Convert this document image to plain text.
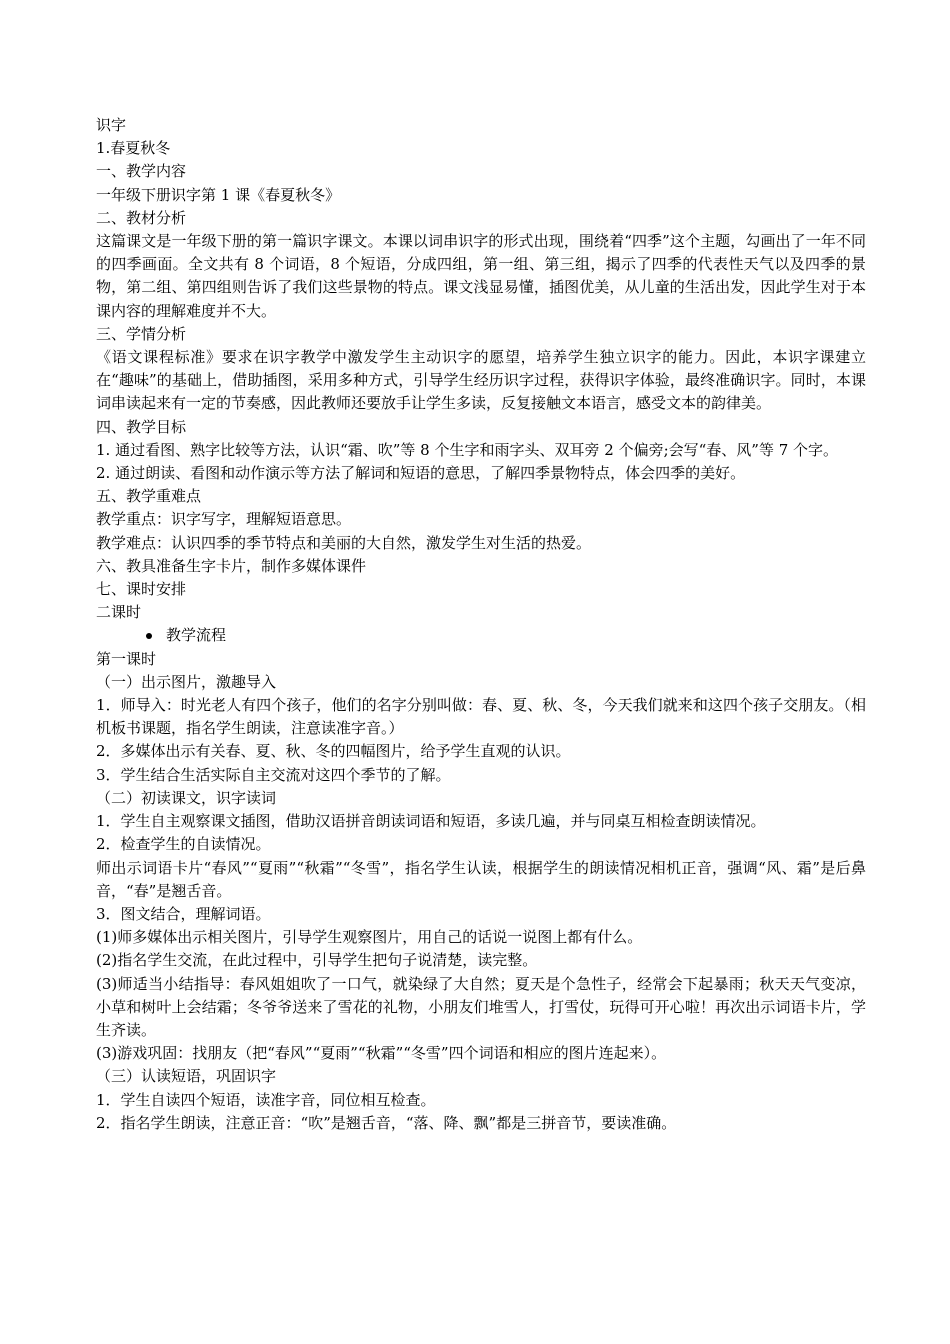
识字
1.春夏秋冬
一、教学内容
一年级下册识字第 1 课《春夏秋冬》
二、教材分析
这篇课文是一年级下册的第一篇识字课文。本课以词串识字的形式出现，围绕着“四季”这个主题，勾画出了一年不同的四季画面。全文共有 8 个词语，8 个短语，分成四组，第一组、第三组，揭示了四季的代表性天气以及四季的景物，第二组、第四组则告诉了我们这些景物的特点。课文浅显易懂，插图优美，从儿童的生活出发，因此学生对于本课内容的理解难度并不大。
三、学情分析
《语文课程标准》要求在识字教学中激发学生主动识字的愿望，培养学生独立识字的能力。因此，本识字课建立在“趣味”的基础上，借助插图，采用多种方式，引导学生经历识字过程，获得识字体验，最终准确识字。同时，本课词串读起来有一定的节奏感，因此教师还要放手让学生多读，反复接触文本语言，感受文本的韵律美。
四、教学目标
1. 通过看图、熟字比较等方法，认识“霜、吹”等 8 个生字和雨字头、双耳旁 2 个偏旁;会写“春、风”等 7 个字。
2. 通过朗读、看图和动作演示等方法了解词和短语的意思，了解四季景物特点，体会四季的美好。
五、教学重难点
教学重点：识字写字，理解短语意思。
教学难点：认识四季的季节特点和美丽的大自然，激发学生对生活的热爱。
六、教具准备生字卡片，制作多媒体课件
七、课时安排
二课时
教学流程
第一课时
（一）出示图片，激趣导入
1．师导入：时光老人有四个孩子，他们的名字分别叫做：春、夏、秋、冬，今天我们就来和这四个孩子交朋友。（相机板书课题，指名学生朗读，注意读准字音。）
2．多媒体出示有关春、夏、秋、冬的四幅图片，给予学生直观的认识。
3．学生结合生活实际自主交流对这四个季节的了解。
（二）初读课文，识字读词
1．学生自主观察课文插图，借助汉语拼音朗读词语和短语，多读几遍，并与同桌互相检查朗读情况。
2．检查学生的自读情况。
师出示词语卡片“春风”“夏雨”“秋霜”“冬雪”，指名学生认读，根据学生的朗读情况相机正音，强调“风、霜”是后鼻音，“春”是翘舌音。
3．图文结合，理解词语。
(1)师多媒体出示相关图片，引导学生观察图片，用自己的话说一说图上都有什么。
(2)指名学生交流，在此过程中，引导学生把句子说清楚，读完整。
(3)师适当小结指导：春风姐姐吹了一口气，就染绿了大自然；夏天是个急性子，经常会下起暴雨；秋天天气变凉，小草和树叶上会结霜；冬爷爷送来了雪花的礼物，小朋友们堆雪人，打雪仗，玩得可开心啦！再次出示词语卡片，学生齐读。
(3)游戏巩固：找朋友（把“春风”“夏雨”“秋霜”“冬雪”四个词语和相应的图片连起来）。
（三）认读短语，巩固识字
1．学生自读四个短语，读准字音，同位相互检查。
2．指名学生朗读，注意正音：“吹”是翘舌音，“落、降、飘”都是三拼音节，要读准确。
